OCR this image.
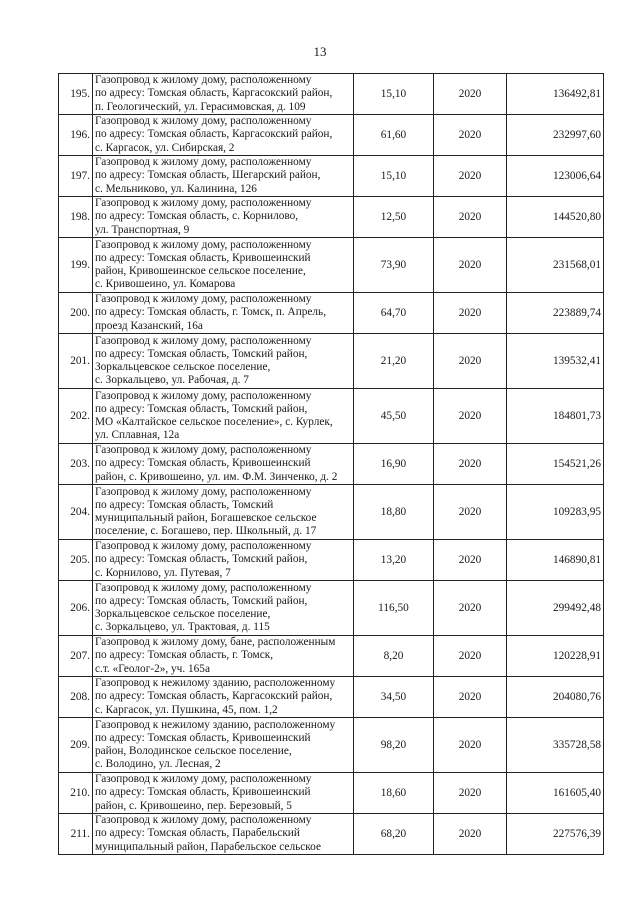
13
195.	Газопровод к жилому дому, расположенному
по адресу: Томская область, Каргасокский район,
п. Геологический, ул. Герасимовская, д. 109	15,10	2020	136492,81
196.	Газопровод к жилому дому, расположенному
по адресу: Томская область, Каргасокский район,
с. Каргасок, ул. Сибирская, 2	61,60	2020	232997,60
197.	Газопровод к жилому дому, расположенному
по адресу: Томская область, Шегарский район,
с. Мельниково, ул. Калинина, 126	15,10	2020	123006,64
198.	Газопровод к жилому дому, расположенному
по адресу: Томская область, с. Корнилово,
ул. Транспортная, 9	12,50	2020	144520,80
199.	Газопровод к жилому дому, расположенному
по адресу: Томская область, Кривошеинский
район, Кривошеинское сельское поселение,
с. Кривошеино, ул. Комарова	73,90	2020	231568,01
200.	Газопровод к жилому дому, расположенному
по адресу: Томская область, г. Томск, п. Апрель,
проезд Казанский, 16а	64,70	2020	223889,74
201.	Газопровод к жилому дому, расположенному
по адресу: Томская область, Томский район,
Зоркальцевское сельское поселение,
с. Зоркальцево, ул. Рабочая, д. 7	21,20	2020	139532,41
202.	Газопровод к жилому дому, расположенному
по адресу: Томская область, Томский район,
МО «Калтайское сельское поселение», с. Курлек,
ул. Сплавная, 12а	45,50	2020	184801,73
203.	Газопровод к жилому дому, расположенному
по адресу: Томская область, Кривошеинский
район, с. Кривошеино, ул. им. Ф.М. Зинченко, д. 2	16,90	2020	154521,26
204.	Газопровод к жилому дому, расположенному
по адресу: Томская область, Томский
муниципальный район, Богашевское сельское
поселение, с. Богашево, пер. Школьный, д. 17	18,80	2020	109283,95
205.	Газопровод к жилому дому, расположенному
по адресу: Томская область, Томский район,
с. Корнилово, ул. Путевая, 7	13,20	2020	146890,81
206.	Газопровод к жилому дому, расположенному
по адресу: Томская область, Томский район,
Зоркальцевское сельское поселение,
с. Зоркальцево, ул. Трактовая, д. 115	116,50	2020	299492,48
207.	Газопровод к жилому дому, бане, расположенным
по адресу: Томская область, г. Томск,
с.т. «Геолог-2», уч. 165а	8,20	2020	120228,91
208.	Газопровод к нежилому зданию, расположенному
по адресу: Томская область, Каргасокский район,
с. Каргасок, ул. Пушкина, 45, пом. 1,2	34,50	2020	204080,76
209.	Газопровод к нежилому зданию, расположенному
по адресу: Томская область, Кривошеинский
район, Володинское сельское поселение,
с. Володино, ул. Лесная, 2	98,20	2020	335728,58
210.	Газопровод к жилому дому, расположенному
по адресу: Томская область, Кривошеинский
район, с. Кривошеино, пер. Березовый, 5	18,60	2020	161605,40
211.	Газопровод к жилому дому, расположенному
по адресу: Томская область, Парабельский
муниципальный район, Парабельское сельское	68,20	2020	227576,39
